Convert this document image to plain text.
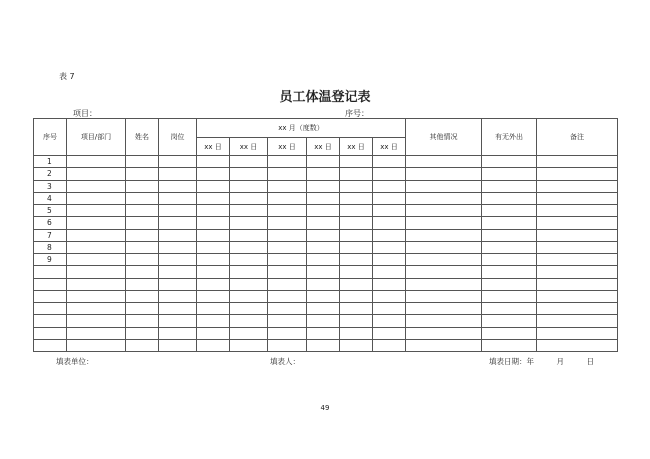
表 7
员工体温登记表
项目：	序号：
序号	项目/部门	姓名	岗位	xx 月（度数）						其他情况	有无外出	备注
				xx 日	xx 日	xx 日	xx 日	xx 日	xx 日			
1												
2												
3												
4												
5												
6												
7												
8												
9												

填表单位：	填表人：	填表日期：年　　　月　　　日
49
